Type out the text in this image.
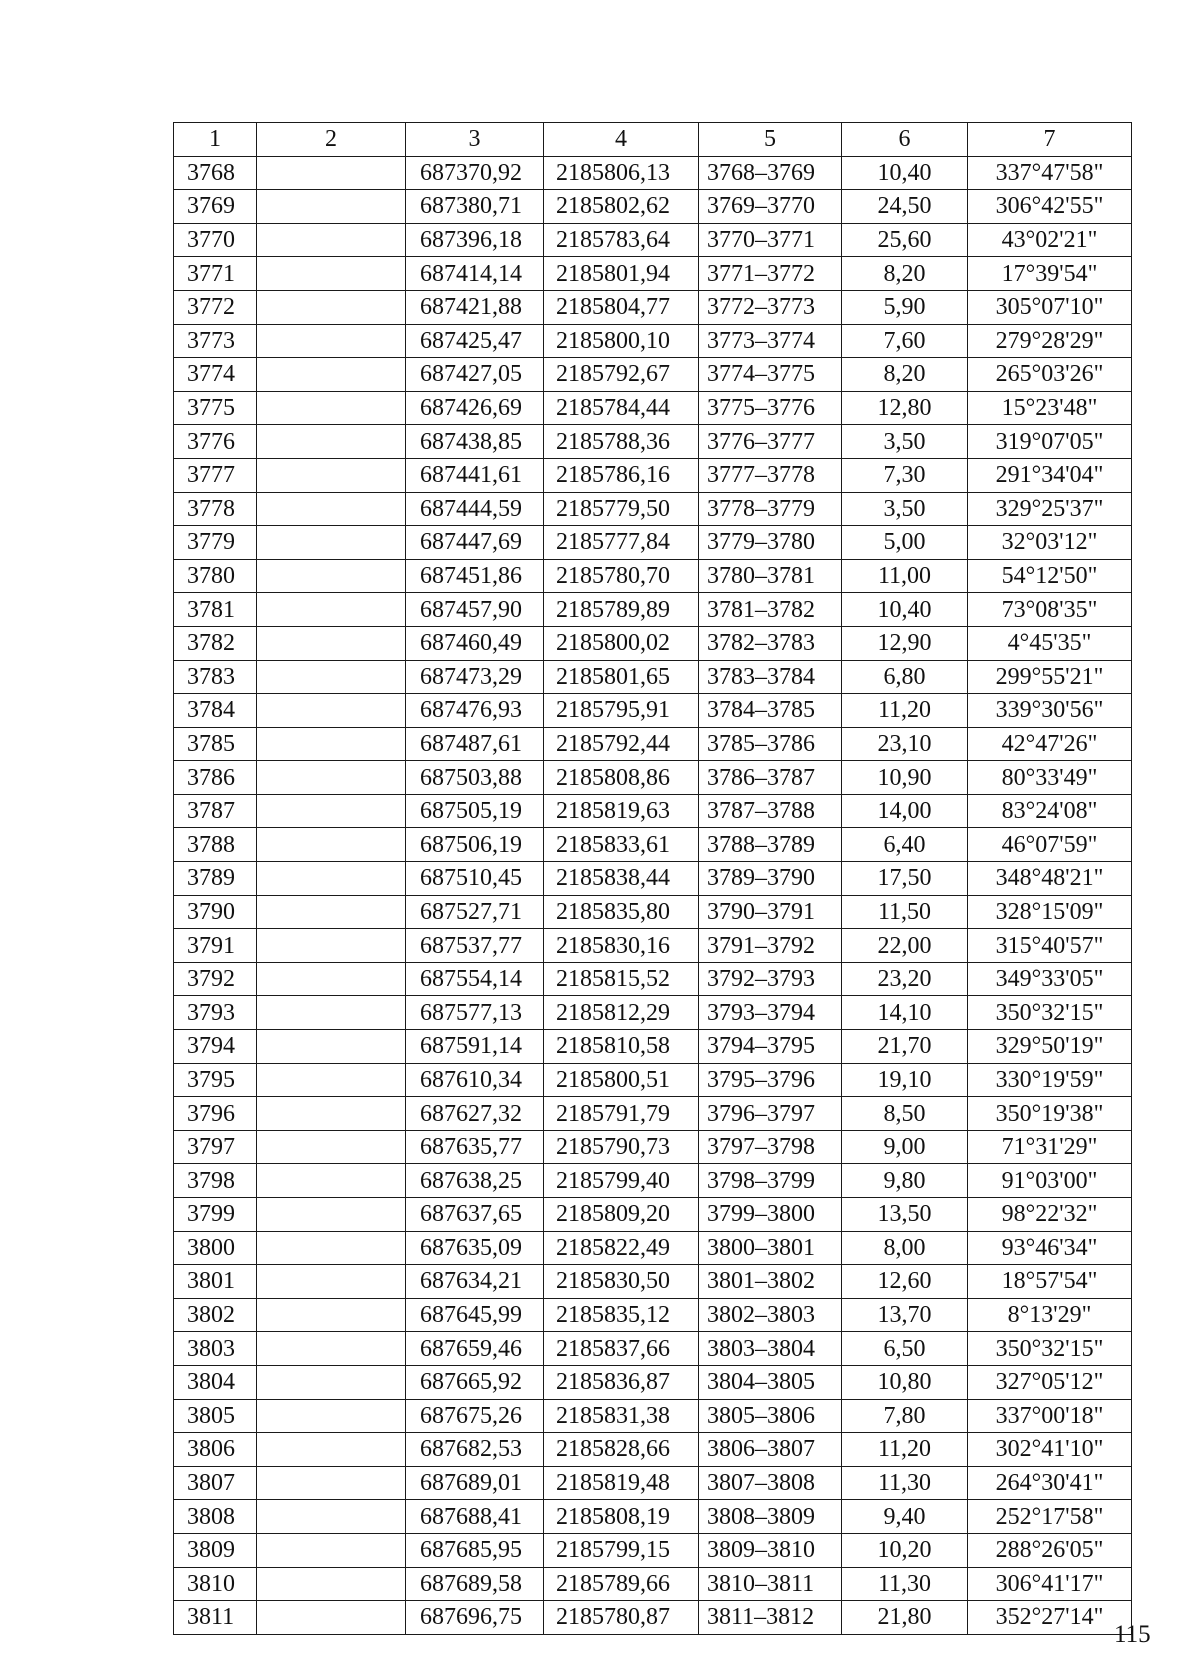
1	2	3	4	5	6	7
3768		687370,92	2185806,13	3768–3769	10,40	337°47'58"
3769		687380,71	2185802,62	3769–3770	24,50	306°42'55"
3770		687396,18	2185783,64	3770–3771	25,60	43°02'21"
3771		687414,14	2185801,94	3771–3772	8,20	17°39'54"
3772		687421,88	2185804,77	3772–3773	5,90	305°07'10"
3773		687425,47	2185800,10	3773–3774	7,60	279°28'29"
3774		687427,05	2185792,67	3774–3775	8,20	265°03'26"
3775		687426,69	2185784,44	3775–3776	12,80	15°23'48"
3776		687438,85	2185788,36	3776–3777	3,50	319°07'05"
3777		687441,61	2185786,16	3777–3778	7,30	291°34'04"
3778		687444,59	2185779,50	3778–3779	3,50	329°25'37"
3779		687447,69	2185777,84	3779–3780	5,00	32°03'12"
3780		687451,86	2185780,70	3780–3781	11,00	54°12'50"
3781		687457,90	2185789,89	3781–3782	10,40	73°08'35"
3782		687460,49	2185800,02	3782–3783	12,90	4°45'35"
3783		687473,29	2185801,65	3783–3784	6,80	299°55'21"
3784		687476,93	2185795,91	3784–3785	11,20	339°30'56"
3785		687487,61	2185792,44	3785–3786	23,10	42°47'26"
3786		687503,88	2185808,86	3786–3787	10,90	80°33'49"
3787		687505,19	2185819,63	3787–3788	14,00	83°24'08"
3788		687506,19	2185833,61	3788–3789	6,40	46°07'59"
3789		687510,45	2185838,44	3789–3790	17,50	348°48'21"
3790		687527,71	2185835,80	3790–3791	11,50	328°15'09"
3791		687537,77	2185830,16	3791–3792	22,00	315°40'57"
3792		687554,14	2185815,52	3792–3793	23,20	349°33'05"
3793		687577,13	2185812,29	3793–3794	14,10	350°32'15"
3794		687591,14	2185810,58	3794–3795	21,70	329°50'19"
3795		687610,34	2185800,51	3795–3796	19,10	330°19'59"
3796		687627,32	2185791,79	3796–3797	8,50	350°19'38"
3797		687635,77	2185790,73	3797–3798	9,00	71°31'29"
3798		687638,25	2185799,40	3798–3799	9,80	91°03'00"
3799		687637,65	2185809,20	3799–3800	13,50	98°22'32"
3800		687635,09	2185822,49	3800–3801	8,00	93°46'34"
3801		687634,21	2185830,50	3801–3802	12,60	18°57'54"
3802		687645,99	2185835,12	3802–3803	13,70	8°13'29"
3803		687659,46	2185837,66	3803–3804	6,50	350°32'15"
3804		687665,92	2185836,87	3804–3805	10,80	327°05'12"
3805		687675,26	2185831,38	3805–3806	7,80	337°00'18"
3806		687682,53	2185828,66	3806–3807	11,20	302°41'10"
3807		687689,01	2185819,48	3807–3808	11,30	264°30'41"
3808		687688,41	2185808,19	3808–3809	9,40	252°17'58"
3809		687685,95	2185799,15	3809–3810	10,20	288°26'05"
3810		687689,58	2185789,66	3810–3811	11,30	306°41'17"
3811		687696,75	2185780,87	3811–3812	21,80	352°27'14"
115
